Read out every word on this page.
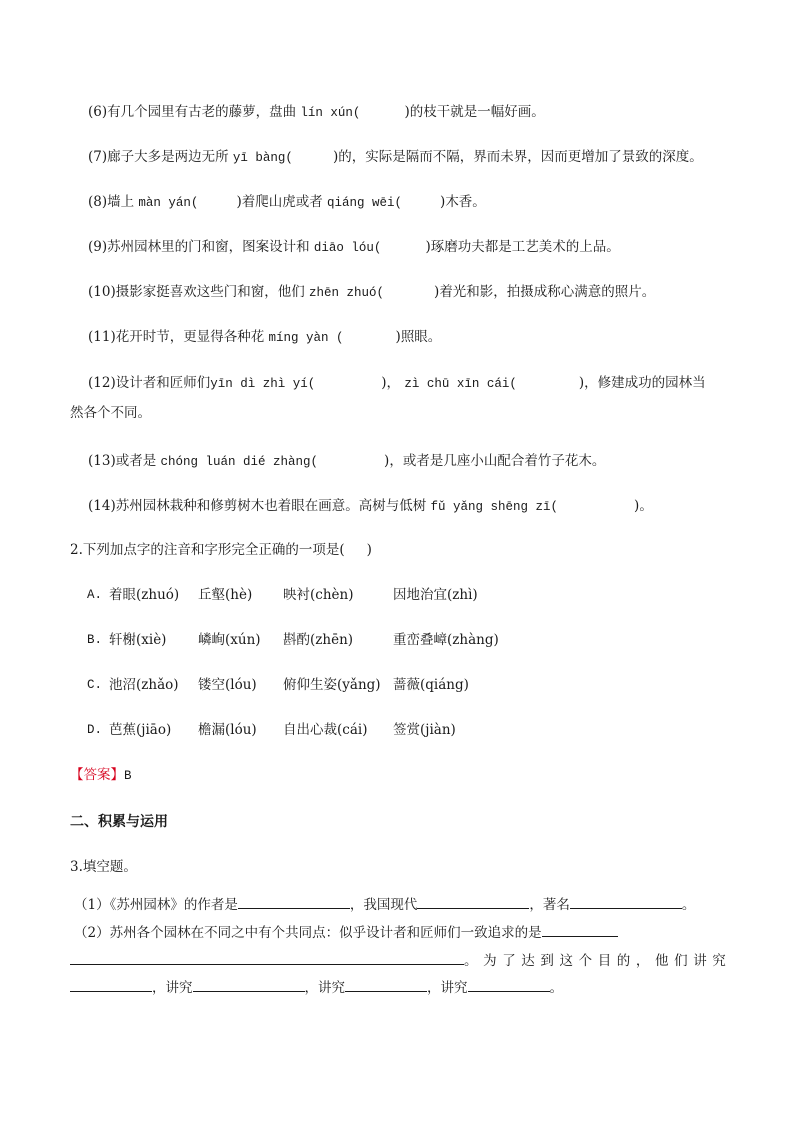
(6)有几个园里有古老的藤萝，盘曲 lín xún(	)的枝干就是一幅好画。
(7)廊子大多是两边无所 yī bàng(	)的，实际是隔而不隔，界而未界，因而更增加了景致的深度。
(8)墙上 màn yán(	)着爬山虎或者 qiáng wēi(	)木香。
(9)苏州园林里的门和窗，图案设计和 diāo lóu(	)琢磨功夫都是工艺美术的上品。
(10)摄影家挺喜欢这些门和窗，他们 zhēn zhuó(	)着光和影，拍摄成称心满意的照片。
(11)花开时节，更显得各种花 míng yàn (	)照眼。
(12)设计者和匠师们yīn dì zhì yí(	)， zì chū xīn cái(	)，修建成功的园林当
然各个不同。
(13)或者是 chóng luán dié zhàng(	)，或者是几座小山配合着竹子花木。
(14)苏州园林栽种和修剪树木也着眼在画意。高树与低树 fǔ yǎng shēng zī(	)。
2.下列加点字的注音和字形完全正确的一项是( )
A. 着眼(zhuó) 丘壑(hè) 映衬(chèn)	因地治宜(zhì)
B. 轩榭(xiè) 嶙峋(xún) 斟酌(zhēn)	重峦叠嶂(zhàng)
C. 池沼(zhǎo) 镂空(lóu) 俯仰生姿(yǎng) 蔷薇(qiáng)
D. 芭蕉(jiāo) 檐漏(lóu) 自出心裁(cái) 签赏(jiàn)
【答案】B
二、积累与运用
3.填空题。
（1）《苏州园林》的作者是	，我国现代	，著名	。
（2）苏州各个园林在不同之中有个共同点：似乎设计者和匠师们一致追求的是
。为了达到这个目的，他们讲究
，讲究	，讲究	，讲究	。
